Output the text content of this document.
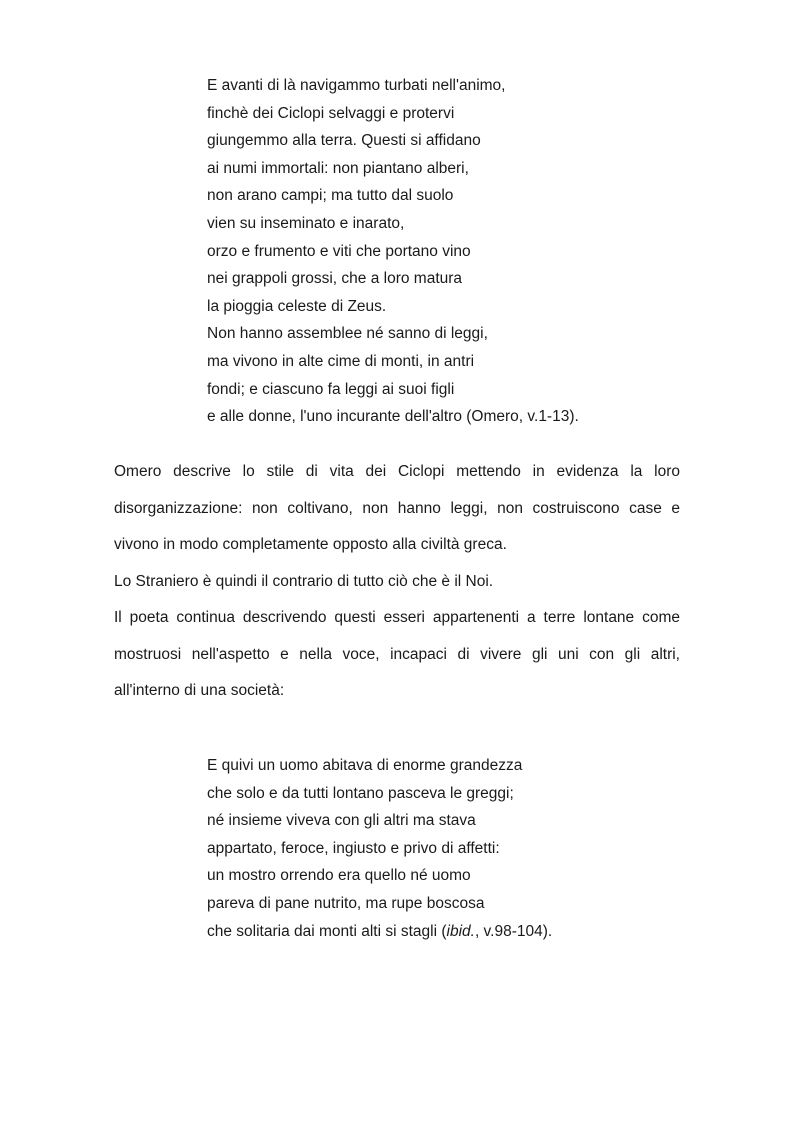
E avanti di là navigammo turbati nell'animo,
finchè dei Ciclopi selvaggi e protervi
giungemmo alla terra. Questi si affidano
ai numi immortali: non piantano alberi,
non arano campi; ma tutto dal suolo
vien su inseminato e inarato,
orzo e frumento e viti che portano vino
nei grappoli grossi, che a loro matura
la pioggia celeste di Zeus.
Non hanno assemblee né sanno di leggi,
ma vivono in alte cime di monti, in antri
fondi; e ciascuno fa leggi ai suoi figli
e alle donne, l'uno incurante dell'altro (Omero, v.1-13).

Omero descrive lo stile di vita dei Ciclopi mettendo in evidenza la loro

disorganizzazione: non coltivano, non hanno leggi, non costruiscono case e

vivono in modo completamente opposto alla civiltà greca.

Lo Straniero è quindi il contrario di tutto ciò che è il Noi.

Il poeta continua descrivendo questi esseri appartenenti a terre lontane come

mostruosi nell'aspetto e nella voce, incapaci di vivere gli uni con gli altri,

all'interno di una società:

E quivi un uomo abitava di enorme grandezza
che solo e da tutti lontano pasceva le greggi;
né insieme viveva con gli altri ma stava
appartato, feroce, ingiusto e privo di affetti:
un mostro orrendo era quello né uomo
pareva di pane nutrito, ma rupe boscosa
che solitaria dai monti alti si stagli (ibid., v.98-104).
